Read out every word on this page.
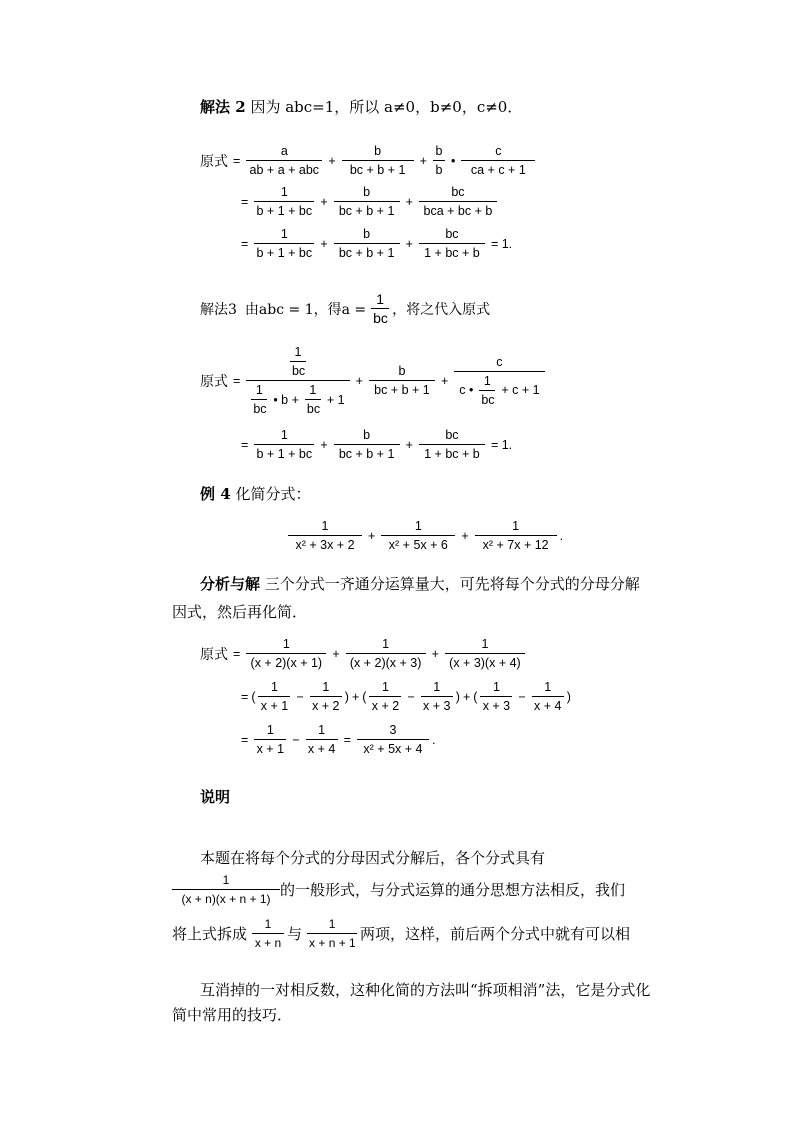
解法 2 因为 abc=1，所以 a≠0，b≠0，c≠0．
原式 = $\frac{a}{\text{ab + a + abc}} + \frac{b}{bc + b + 1} + \frac{b}{b}$ • $\frac{c}{ca + c + 1}$
= $\frac{1}{b + 1 + bc} + \frac{b}{bc + b + 1} + \frac{bc}{\text{bca + bc + b}}$
= $\frac{1}{b + 1 + bc} + \frac{b}{bc + b + 1} + \frac{bc}{1 + bc + b} = 1$.
解法3 由abc = 1，得$a = \frac{1}{bc}$ ，将之代入原式
原式 = $\frac{\frac{1}{bc}}{\frac{1}{bc} • b + \frac{1}{bc} + 1} + \frac{b}{bc + b + 1} + \frac{c}{c • \frac{1}{bc} + c + 1}$
= $\frac{1}{b + 1 + bc} + \frac{b}{bc + b + 1} + \frac{bc}{1 + bc + b} = 1$.
例 4 化简分式：
$\frac{1}{\text{x² + 3x + 2}} + \frac{1}{\text{x² + 5x + 6}} + \frac{1}{\text{x² + 7x + 12}}$ .
分析与解 三个分式一齐通分运算量大，可先将每个分式的分母分解
因式，然后再化简．
原式 = $\frac{1}{(x + 2)(x + 1)} + \frac{1}{(x + 2)(x + 3)} + \frac{1}{(x + 3)(x + 4)}$
= ( $\frac{1}{x + 1} - \frac{1}{x + 2}$ ) + ( $\frac{1}{x + 2} - \frac{1}{x + 3}$ ) + ( $\frac{1}{x + 3} - \frac{1}{x + 4}$ )
= $\frac{1}{x + 1} - \frac{1}{x + 4} = \frac{3}{\text{x² + 5x + 4}}$ .
说明
本题在将每个分式的分母因式分解后，各个分式具有
$\frac{1}{(x + n)(x + n + 1)}$ 的一般形式，与分式运算的通分思想方法相反，我们
将上式拆成 $\frac{1}{x + n}$ 与 $\frac{1}{x + n + 1}$ 两项，这样，前后两个分式中就有可以相
互消掉的一对相反数，这种化简的方法叫“拆项相消”法，它是分式化
简中常用的技巧．
